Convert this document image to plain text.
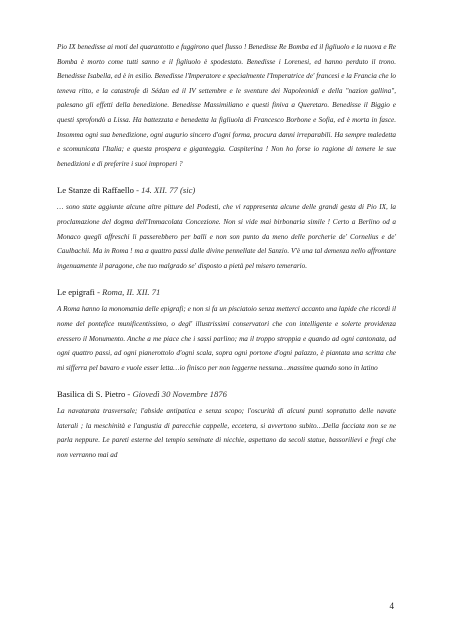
Pio IX benedisse ai moti del quarantotto e fuggirono quel flusso ! Benedisse Re Bomba ed il figliuolo e la nuova e Re Bomba è morto come tutti sanno e il figliuolo è spodestato. Benedisse i Lorenesi, ed hanno perduto il trono. Benedisse Isabella, ed è in esilio. Benedisse l'Imperatore e specialmente l'Imperatrice de' francesi e la Francia che lo teneva ritto, e la catastrofe di Sédan ed il IV settembre e le sventure dei Napoleonidi e della "nazion gallina", palesano gli effetti della benedizione. Benedisse Massimiliano e questi finiva a Queretaro. Benedisse il Biggio e questi sprofondò a Lissa. Ha battezzata e benedetta la figliuola di Francesco Borbone e Sofia, ed è morta in fasce. Insomma ogni sua benedizione, ogni augurio sincero d'ogni forma, procura danni irreparabili. Ha sempre maledetta e scomunicata l'Italia; e questa prospera e giganteggia. Caspiterina ! Non ho forse io ragione di temere le sue benedizioni e di preferire i suoi improperi ?

Le Stanze di Raffaello - 14. XII. 77 (sic)

… sono state aggiunte alcune altre pitture del Podesti, che vi rappresenta alcune delle grandi gesta di Pio IX, la proclamazione del dogma dell'Immacolata Concezione. Non si vide mai birbonaria simile ! Certo a Berlino od a Monaco quegli affreschi li passerebbero per balli e non son punto da meno delle porcherie de' Cornelius e de' Caulbachii. Ma in Roma ! ma a quattro passi dalle divine pennellate del Sanzio. V'è una tal demenza nello affrontare ingenuamente il paragone, che tuo malgrado se' disposto a pietà pel misero temerario.

Le epigrafi - Roma, II. XII. 71

A Roma hanno la monomania delle epigrafi; e non si fa un pisciatoio senza metterci accanto una lapide che ricordi il nome del pontefice munificentissimo, o degl' illustrissimi conservatori che con intelligente e solerte providenza eressero il Monumento. Anche a me piace che i sassi parlino; ma il troppo stroppia e quando ad ogni cantonata, ad ogni quattro passi, ad ogni pianerottolo d'ogni scala, sopra ogni portone d'ogni palazzo, è piantata una scritta che mi sifferra pel bavaro e vuole esser letta…io finisco per non leggerne nessuna…massime quando sono in latino

Basilica di S. Pietro - Giovedì 30 Novembre 1876

La navatarata trasversale; l'abside antipatica e senza scopo; l'oscurità di alcuni punti sopratutto delle navate laterali ; la meschinità e l'angustia di parecchie cappelle, eccetera, si avvertono subito…Della facciata non se ne parla neppure. Le pareti esterne del tempio seminate di nicchie, aspettano da secoli statue, bassorilievi e fregi che non verranno mai ad

4
